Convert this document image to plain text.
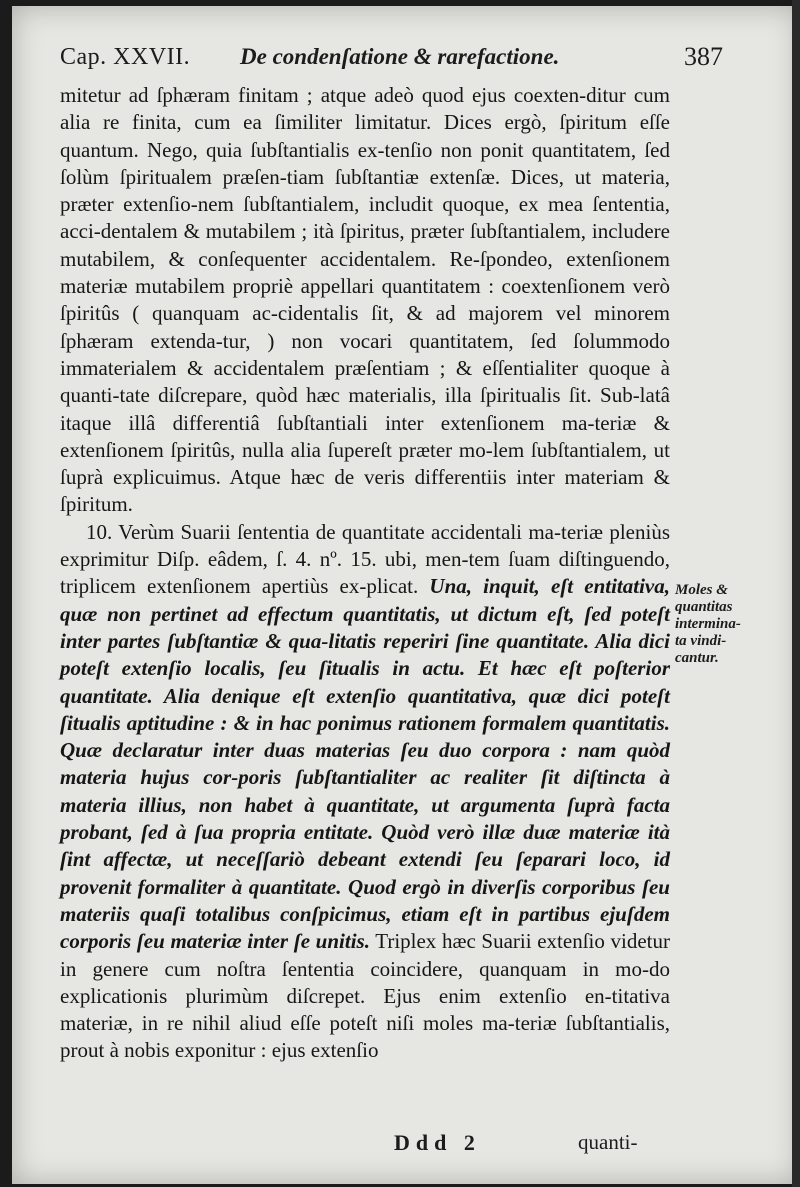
Cap. XXVII. De condenſatione & rarefactione.	387

mitetur ad ſphæram finitam ; atque adeò quod ejus coexten-ditur cum alia re finita, cum ea ſimiliter limitatur. Dices ergò, ſpiritum eſſe quantum. Nego, quia ſubſtantialis ex-tenſio non ponit quantitatem, ſed ſolùm ſpiritualem præſen-tiam ſubſtantiæ extenſæ. Dices, ut materia, præter extenſio-nem ſubſtantialem, includit quoque, ex mea ſententia, acci-dentalem & mutabilem ; ità ſpiritus, præter ſubſtantialem, includere mutabilem, & conſequenter accidentalem. Re-ſpondeo, extenſionem materiæ mutabilem propriè appellari quantitatem : coextenſionem verò ſpiritûs ( quanquam ac-cidentalis ſit, & ad majorem vel minorem ſphæram extenda-tur, ) non vocari quantitatem, ſed ſolummodo immaterialem & accidentalem præſentiam ; & eſſentialiter quoque à quanti-tate diſcrepare, quòd hæc materialis, illa ſpiritualis ſit. Sub-latâ itaque illâ differentiâ ſubſtantiali inter extenſionem ma-teriæ & extenſionem ſpiritûs, nulla alia ſupereſt præter mo-lem ſubſtantialem, ut ſuprà explicuimus. Atque hæc de veris differentiis inter materiam & ſpiritum.

10. Verùm Suarii ſententia de quantitate accidentali ma-teriæ pleniùs exprimitur Diſp. eâdem, ſ. 4. nº. 15. ubi, men-tem ſuam diſtinguendo, triplicem extenſionem apertiùs ex-plicat. Una, inquit, eſt entitativa, quæ non pertinet ad effectum quantitatis, ut dictum eſt, ſed poteſt inter partes ſubſtantiæ & qua-litatis reperiri ſine quantitate. Alia dici poteſt extenſio localis, ſeu ſitualis in actu. Et hæc eſt poſterior quantitate. Alia denique eſt extenſio quantitativa, quæ dici poteſt ſitualis aptitudine : & in hac ponimus rationem formalem quantitatis. Quæ declaratur inter duas materias ſeu duo corpora : nam quòd materia hujus cor-poris ſubſtantialiter ac realiter ſit diſtincta à materia illius, non habet à quantitate, ut argumenta ſuprà facta probant, ſed à ſua propria entitate. Quòd verò illæ duæ materiæ ità ſint affectæ, ut neceſſariò debeant extendi ſeu ſeparari loco, id provenit formaliter à quantitate. Quod ergò in diverſis corporibus ſeu materiis quaſi totalibus conſpicimus, etiam eſt in partibus ejuſdem corporis ſeu materiæ inter ſe unitis. Triplex hæc Suarii extenſio videtur in genere cum noſtra ſententia coincidere, quanquam in mo-do explicationis plurimùm diſcrepet. Ejus enim extenſio en-titativa materiæ, in re nihil aliud eſſe poteſt niſi moles ma-teriæ ſubſtantialis, prout à nobis exponitur : ejus extenſio

Moles &
quantitas
intermina-
ta vindi-
cantur.
Ddd 2	quanti-
